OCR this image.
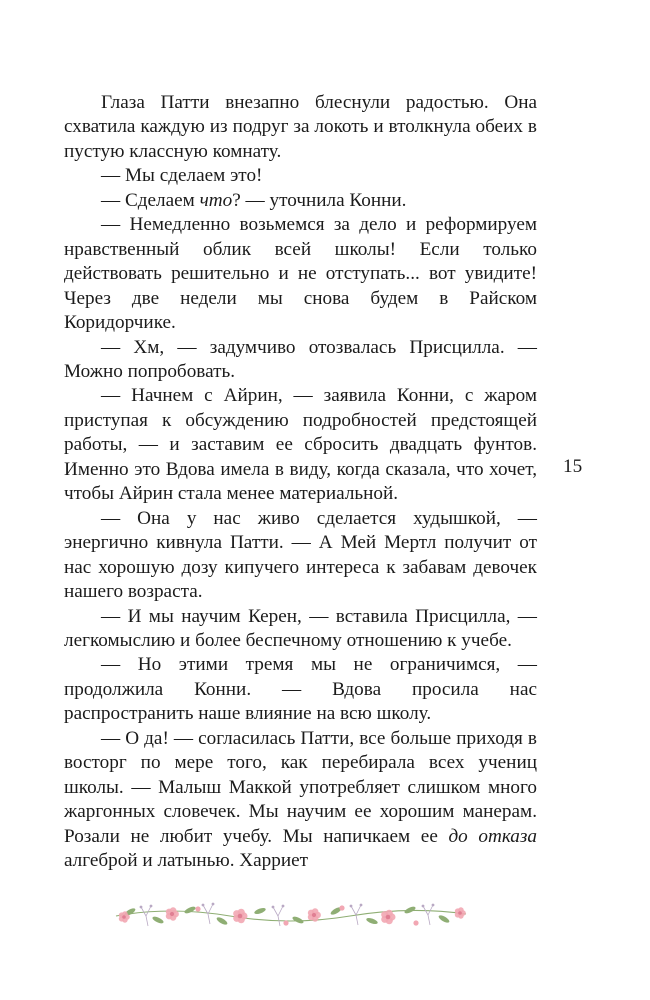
Глаза Патти внезапно блеснули радостью. Она схватила каждую из подруг за локоть и втолкнула обеих в пустую классную комнату.

— Мы сделаем это!

— Сделаем что? — уточнила Конни.

— Немедленно возьмемся за дело и реформируем нравственный облик всей школы! Если только действовать решительно и не отступать... вот увидите! Через две недели мы снова будем в Райском Коридорчике.

— Хм, — задумчиво отозвалась Присцилла. — Можно попробовать.

— Начнем с Айрин, — заявила Конни, с жаром приступая к обсуждению подробностей предстоящей работы, — и заставим ее сбросить двадцать фунтов. Именно это Вдова имела в виду, когда сказала, что хочет, чтобы Айрин стала менее материальной.

— Она у нас живо сделается худышкой, — энергично кивнула Патти. — А Мей Мертл получит от нас хорошую дозу кипучего интереса к забавам девочек нашего возраста.

— И мы научим Керен, — вставила Присцилла, — легкомыслию и более беспечному отношению к учебе.

— Но этими тремя мы не ограничимся, — продолжила Конни. — Вдова просила нас распространить наше влияние на всю школу.

— О да! — согласилась Патти, все больше приходя в восторг по мере того, как перебирала всех учениц школы. — Малыш Маккой употребляет слишком много жаргонных словечек. Мы научим ее хорошим манерам. Розали не любит учебу. Мы напичкаем ее до отказа алгеброй и латынью. Харриет

15
